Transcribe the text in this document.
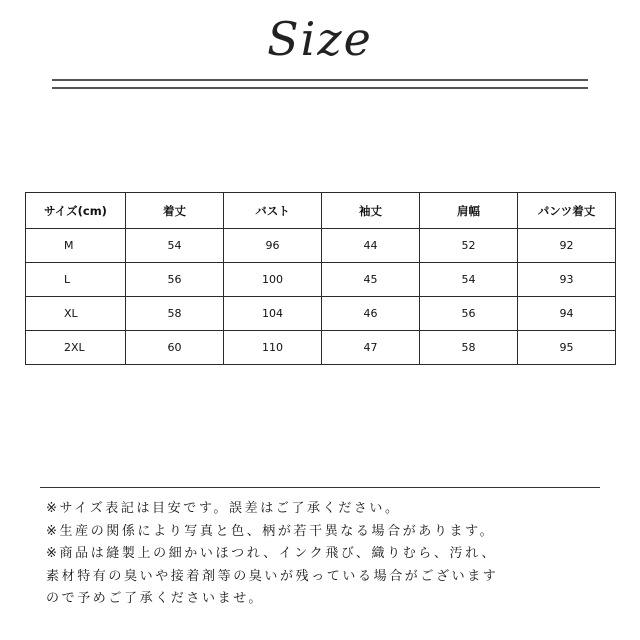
Size
サイズ(cm)	着丈	バスト	袖丈	肩幅	パンツ着丈
M	54	96	44	52	92
L	56	100	45	54	93
XL	58	104	46	56	94
2XL	60	110	47	58	95
※サイズ表記は目安です。誤差はご了承ください。
※生産の関係により写真と色、柄が若干異なる場合があります。
※商品は縫製上の細かいほつれ、インク飛び、織りむら、汚れ、
素材特有の臭いや接着剤等の臭いが残っている場合がございます
ので予めご了承くださいませ。
